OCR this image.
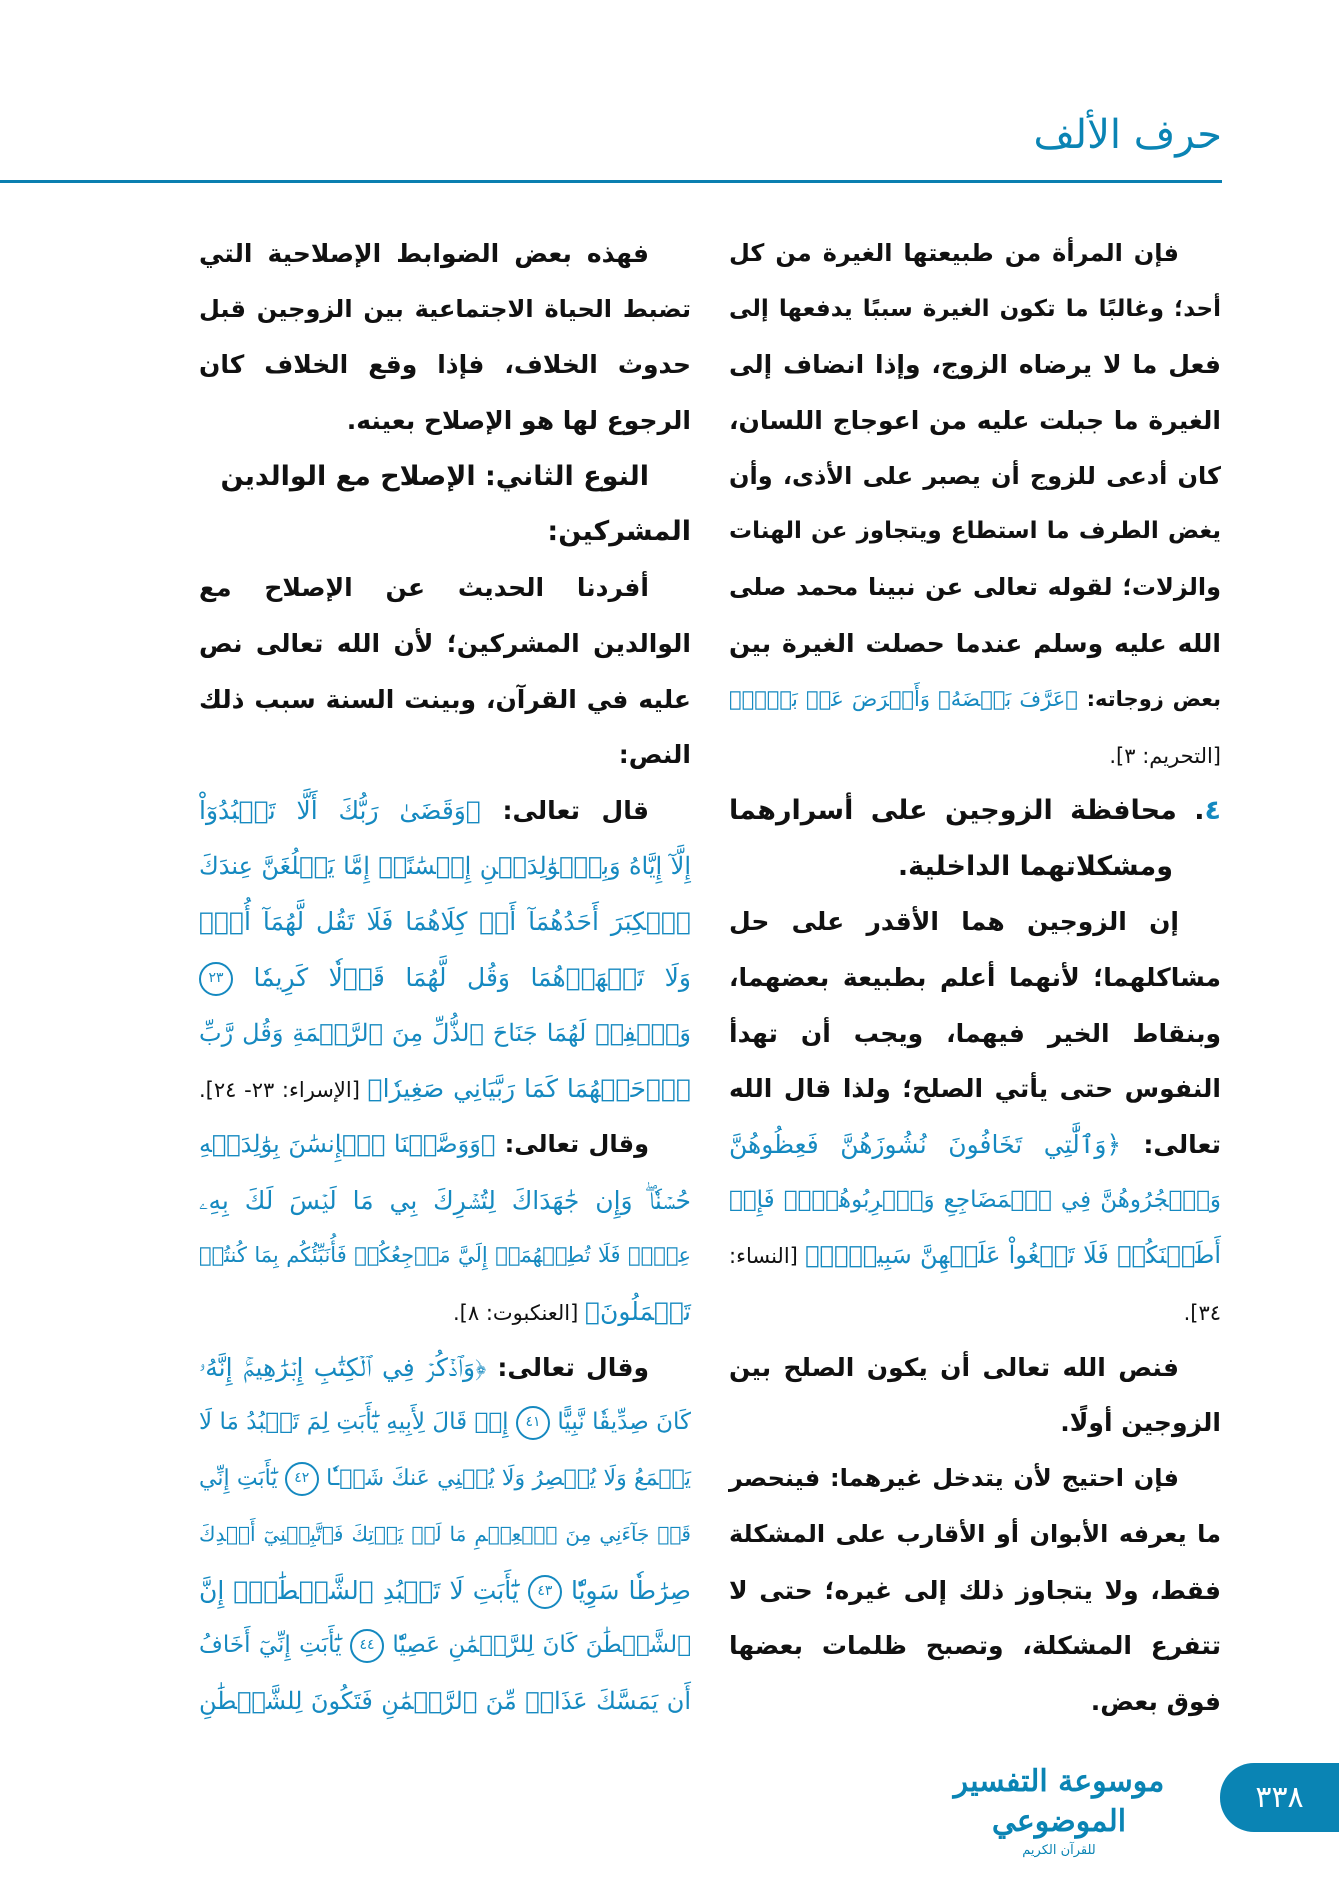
حرف الألف
فإن المرأة من طبيعتها الغيرة من كل
أحد؛ وغالبًا ما تكون الغيرة سببًا يدفعها إلى
فعل ما لا يرضاه الزوج، وإذا انضاف إلى
الغيرة ما جبلت عليه من اعوجاج اللسان،
كان أدعى للزوج أن يصبر على الأذى، وأن
يغض الطرف ما استطاع ويتجاوز عن الهنات
والزلات؛ لقوله تعالى عن نبينا محمد صلى
الله عليه وسلم عندما حصلت الغيرة بين
بعض زوجاته: ﴿عَرَّفَ بَعۡضَهُۥ وَأَعۡرَضَ عَنۢ بَعۡضٖ﴾
[التحريم: ٣].
٤. محافظة الزوجين على أسرارهما
ومشكلاتهما الداخلية.
إن الزوجين هما الأقدر على حل
مشاكلهما؛ لأنهما أعلم بطبيعة بعضهما،
وبنقاط الخير فيهما، ويجب أن تهدأ
النفوس حتى يأتي الصلح؛ ولذا قال الله
تعالى: ﴿وَٱلَّٰتِي تَخَافُونَ نُشُوزَهُنَّ فَعِظُوهُنَّ
وَٱهۡجُرُوهُنَّ فِي ٱلۡمَضَاجِعِ وَٱضۡرِبُوهُنَّۖ فَإِنۡ
أَطَعۡنَكُمۡ فَلَا تَبۡغُواْ عَلَيۡهِنَّ سَبِيلًاۗ﴾ [النساء:
٣٤].
فنص الله تعالى أن يكون الصلح بين
الزوجين أولًا.
فإن احتيج لأن يتدخل غيرهما: فينحصر
ما يعرفه الأبوان أو الأقارب على المشكلة
فقط، ولا يتجاوز ذلك إلى غيره؛ حتى لا
تتفرع المشكلة، وتصبح ظلمات بعضها
فوق بعض.
فهذه بعض الضوابط الإصلاحية التي
تضبط الحياة الاجتماعية بين الزوجين قبل
حدوث الخلاف، فإذا وقع الخلاف كان
الرجوع لها هو الإصلاح بعينه.
النوع الثاني: الإصلاح مع الوالدين
المشركين:
أفردنا الحديث عن الإصلاح مع
الوالدين المشركين؛ لأن الله تعالى نص
عليه في القرآن، وبينت السنة سبب ذلك
النص:
قال تعالى: ﴿وَقَضَىٰ رَبُّكَ أَلَّا تَعۡبُدُوٓاْ
إِلَّآ إِيَّاهُ وَبِٱلۡوَٰلِدَيۡنِ إِحۡسَٰنًاۚ إِمَّا يَبۡلُغَنَّ عِندَكَ
ٱلۡكِبَرَ أَحَدُهُمَآ أَوۡ كِلَاهُمَا فَلَا تَقُل لَّهُمَآ أُفّٖ
وَلَا تَنۡهَرۡهُمَا وَقُل لَّهُمَا قَوۡلٗا كَرِيمٗا ٢٣
وَٱخۡفِضۡ لَهُمَا جَنَاحَ ٱلذُّلِّ مِنَ ٱلرَّحۡمَةِ وَقُل رَّبِّ
ٱرۡحَمۡهُمَا كَمَا رَبَّيَانِي صَغِيرٗا﴾ [الإسراء: ٢٣- ٢٤].
وقال تعالى: ﴿وَوَصَّيۡنَا ٱلۡإِنسَٰنَ بِوَٰلِدَيۡهِ
حُسۡنٗاۖ وَإِن جَٰهَدَاكَ لِتُشۡرِكَ بِي مَا لَيۡسَ لَكَ بِهِۦ
عِلۡمٞ فَلَا تُطِعۡهُمَآۚ إِلَيَّ مَرۡجِعُكُمۡ فَأُنَبِّئُكُم بِمَا كُنتُمۡ
تَعۡمَلُونَ﴾ [العنكبوت: ٨].
وقال تعالى: ﴿وَٱذۡكُرۡ فِي ٱلۡكِتَٰبِ إِبۡرَٰهِيمَۚ إِنَّهُۥ
كَانَ صِدِّيقٗا نَّبِيًّا ٤١ إِذۡ قَالَ لِأَبِيهِ يَٰٓأَبَتِ لِمَ تَعۡبُدُ مَا لَا
يَسۡمَعُ وَلَا يُبۡصِرُ وَلَا يُغۡنِي عَنكَ شَيۡـٔٗا ٤٢ يَٰٓأَبَتِ إِنِّي
قَدۡ جَآءَنِي مِنَ ٱلۡعِلۡمِ مَا لَمۡ يَأۡتِكَ فَٱتَّبِعۡنِيٓ أَهۡدِكَ
صِرَٰطٗا سَوِيّٗا ٤٣ يَٰٓأَبَتِ لَا تَعۡبُدِ ٱلشَّيۡطَٰنَۖ إِنَّ
ٱلشَّيۡطَٰنَ كَانَ لِلرَّحۡمَٰنِ عَصِيّٗا ٤٤ يَٰٓأَبَتِ إِنِّيٓ أَخَافُ
أَن يَمَسَّكَ عَذَابٞ مِّنَ ٱلرَّحۡمَٰنِ فَتَكُونَ لِلشَّيۡطَٰنِ
موسوعة التفسير الموضوعي
للقرآن الكريم
٣٣٨
